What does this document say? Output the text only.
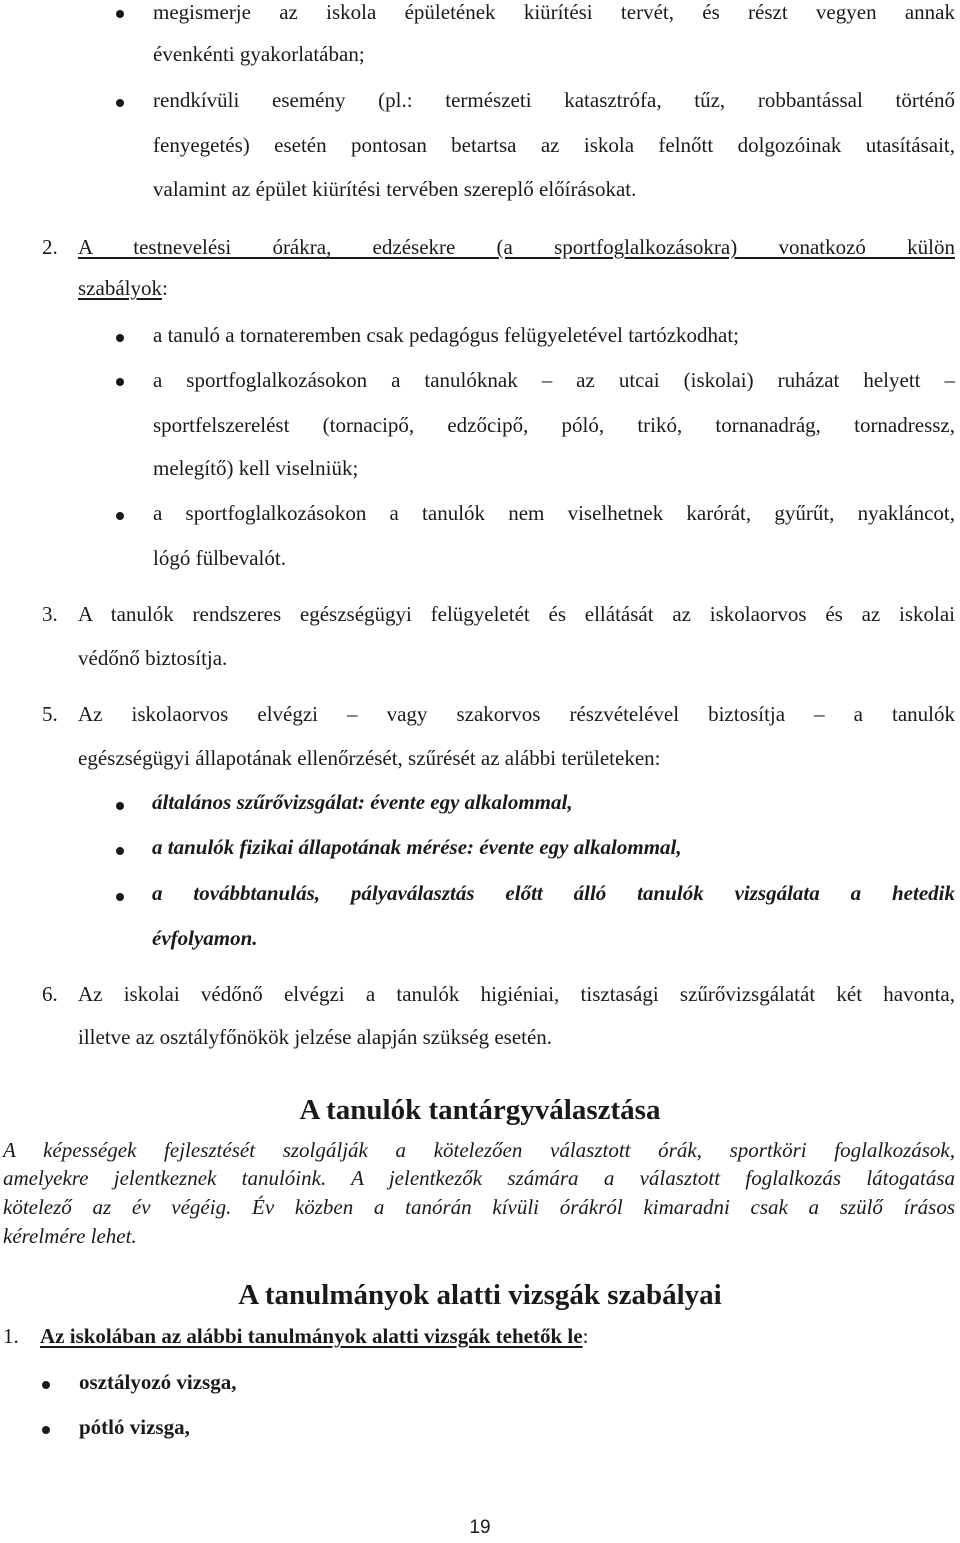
megismerje az iskola épületének kiürítési tervét, és részt vegyen annak
évenkénti gyakorlatában;
rendkívüli esemény (pl.: természeti katasztrófa, tűz, robbantással történő
fenyegetés) esetén pontosan betartsa az iskola felnőtt dolgozóinak utasításait,
valamint az épület kiürítési tervében szereplő előírásokat.
2. A testnevelési órákra, edzésekre (a sportfoglalkozásokra) vonatkozó külön
szabályok:
a tanuló a tornateremben csak pedagógus felügyeletével tartózkodhat;
a sportfoglalkozásokon a tanulóknak – az utcai (iskolai) ruházat helyett –
sportfelszerelést (tornacipő, edzőcipő, póló, trikó, tornanadrág, tornadressz,
melegítő) kell viselniük;
a sportfoglalkozásokon a tanulók nem viselhetnek karórát, gyűrűt, nyakláncot,
lógó fülbevalót.
3. A tanulók rendszeres egészségügyi felügyeletét és ellátását az iskolaorvos és az iskolai
védőnő biztosítja.
5. Az iskolaorvos elvégzi – vagy szakorvos részvételével biztosítja – a tanulók
egészségügyi állapotának ellenőrzését, szűrését az alábbi területeken:
általános szűrővizsgálat: évente egy alkalommal,
a tanulók fizikai állapotának mérése: évente egy alkalommal,
a továbbtanulás, pályaválasztás előtt álló tanulók vizsgálata a hetedik
évfolyamon.
6. Az iskolai védőnő elvégzi a tanulók higiéniai, tisztasági szűrővizsgálatát két havonta,
illetve az osztályfőnökök jelzése alapján szükség esetén.
A tanulók tantárgyválasztása
A képességek fejlesztését szolgálják a kötelezően választott órák, sportköri foglalkozások,
amelyekre jelentkeznek tanulóink. A jelentkezők számára a választott foglalkozás látogatása
kötelező az év végéig. Év közben a tanórán kívüli órákról kimaradni csak a szülő írásos
kérelmére lehet.
A tanulmányok alatti vizsgák szabályai
1. Az iskolában az alábbi tanulmányok alatti vizsgák tehetők le:
osztályozó vizsga,
pótló vizsga,
19
